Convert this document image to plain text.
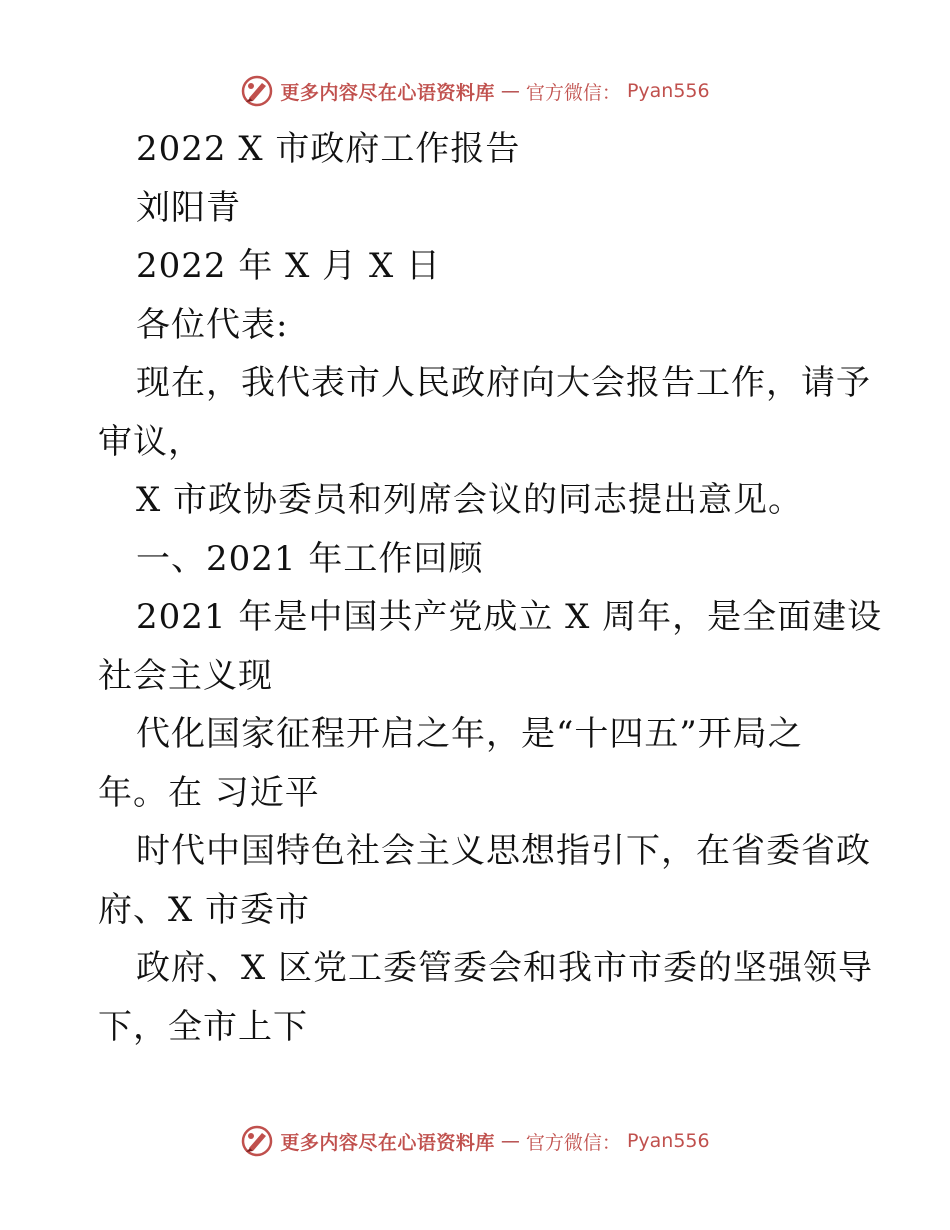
更多内容尽在心语资料库 — 官方微信： Pyan556
2022 X 市政府工作报告
刘阳青
2022 年 X 月 X 日
各位代表:
现在，我代表市人民政府向大会报告工作，请予
审议，
X 市政协委员和列席会议的同志提出意见。
一、2021 年工作回顾
2021 年是中国共产党成立 X 周年，是全面建设
社会主义现
代化国家征程开启之年，是“十四五”开局之
年。在 习近平
时代中国特色社会主义思想指引下，在省委省政
府、X 市委市
政府、X 区党工委管委会和我市市委的坚强领导
下，全市上下
更多内容尽在心语资料库 — 官方微信： Pyan556
